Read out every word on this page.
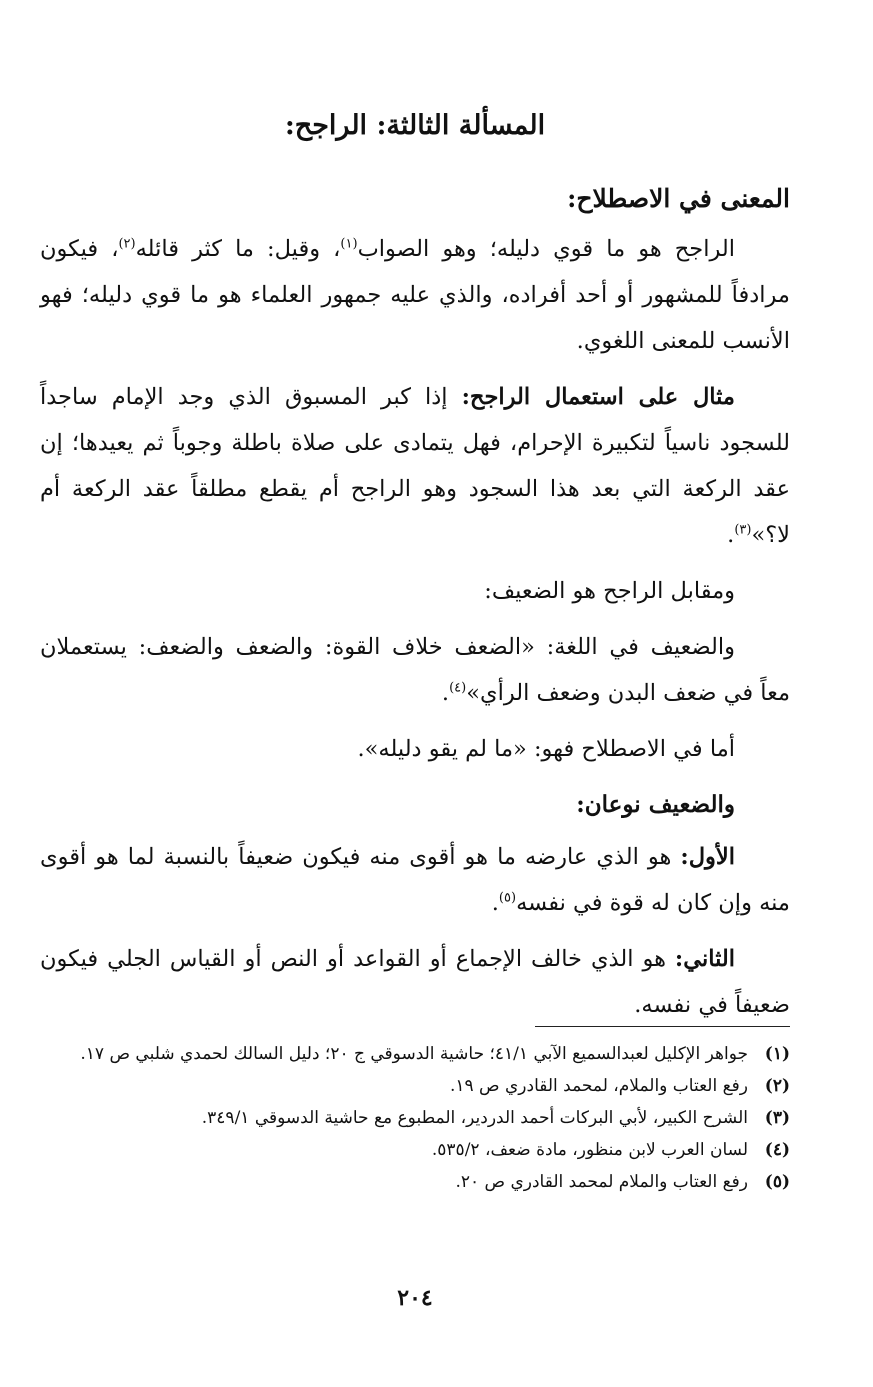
المسألة الثالثة: الراجح:
المعنى في الاصطلاح:

الراجح هو ما قوي دليله؛ وهو الصواب$^{(١)}$، وقيل: ما كثر قائله$^{(٢)}$، فيكون مرادفاً للمشهور أو أحد أفراده، والذي عليه جمهور العلماء هو ما قوي دليله؛ فهو الأنسب للمعنى اللغوي.

مثال على استعمال الراجح: إذا كبر المسبوق الذي وجد الإمام ساجداً للسجود ناسياً لتكبيرة الإحرام، فهل يتمادى على صلاة باطلة وجوباً ثم يعيدها؛ إن عقد الركعة التي بعد هذا السجود وهو الراجح أم يقطع مطلقاً عقد الركعة أم لا؟»$^{(٣)}$.

ومقابل الراجح هو الضعيف:

والضعيف في اللغة: «الضعف خلاف القوة: والضعف والضعف: يستعملان معاً في ضعف البدن وضعف الرأي»$^{(٤)}$.

أما في الاصطلاح فهو: «ما لم يقو دليله».

والضعيف نوعان:

الأول: هو الذي عارضه ما هو أقوى منه فيكون ضعيفاً بالنسبة لما هو أقوى منه وإن كان له قوة في نفسه$^{(٥)}$.

الثاني: هو الذي خالف الإجماع أو القواعد أو النص أو القياس الجلي فيكون ضعيفاً في نفسه.

(١)
جواهر الإكليل لعبدالسميع الآبي ٤١/١؛ حاشية الدسوقي ج ٢٠؛ دليل السالك لحمدي شلبي ص ١٧.
(٢)
رفع العتاب والملام، لمحمد القادري ص ١٩.
(٣)
الشرح الكبير، لأبي البركات أحمد الدردير، المطبوع مع حاشية الدسوقي ٣٤٩/١.
(٤)
لسان العرب لابن منظور، مادة ضعف، ٥٣٥/٢.
(٥)
رفع العتاب والملام لمحمد القادري ص ٢٠.
٢٠٤
